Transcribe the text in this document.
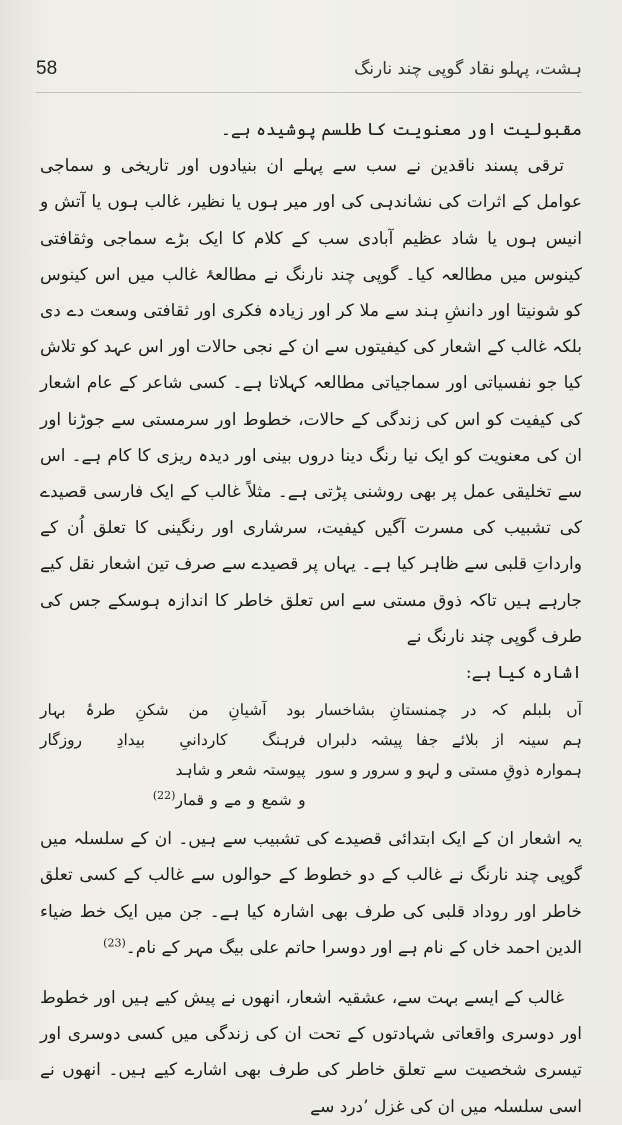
58	ہشت، پہلو نقاد گوپی چند نارنگ

مقبولیت اور معنویت کا طلسم پوشیدہ ہے۔

ترقی پسند ناقدین نے سب سے پہلے ان بنیادوں اور تاریخی و سماجی عوامل کے اثرات کی نشاندہی کی اور میر ہوں یا نظیر، غالب ہوں یا آتش و انیس ہوں یا شاد عظیم آبادی سب کے کلام کا ایک بڑے سماجی وثقافتی کینوس میں مطالعہ کیا۔ گوپی چند نارنگ نے مطالعۂ غالب میں اس کینوس کو شونیتا اور دانشِ ہند سے ملا کر اور زیادہ فکری اور ثقافتی وسعت دے دی بلکہ غالب کے اشعار کی کیفیتوں سے ان کے نجی حالات اور اس عہد کو تلاش کیا جو نفسیاتی اور سماجیاتی مطالعہ کہلاتا ہے۔ کسی شاعر کے عام اشعار کی کیفیت کو اس کی زندگی کے حالات، خطوط اور سرمستی سے جوڑنا اور ان کی معنویت کو ایک نیا رنگ دینا دروں بینی اور دیدہ ریزی کا کام ہے۔ اس سے تخلیقی عمل پر بھی روشنی پڑتی ہے۔ مثلاً غالب کے ایک فارسی قصیدے کی تشبیب کی مسرت آگیں کیفیت، سرشاری اور رنگینی کا تعلق اُن کے وارداتِ قلبی سے ظاہر کیا ہے۔ یہاں پر قصیدے سے صرف تین اشعار نقل کیے جارہے ہیں تاکہ ذوق مستی سے اس تعلق خاطر کا اندازہ ہوسکے جس کی طرف گوپی چند نارنگ نے

اشارہ کیا ہے:

آں بلبلم کہ در چمنستانِ بشاخسار
بود آشیانِ من شکنِ طرۂ بہار
ہم سینہ از بلائے جفا پیشہ دلبراں
فرہنگ کاردانیِ بیدادِ روزگار
ہموارہ ذوقِ مستی و لہو و سرور و سور
پیوستہ شعر و شاہد و شمع و مے و قمار(22)

یہ اشعار ان کے ایک ابتدائی قصیدے کی تشبیب سے ہیں۔ ان کے سلسلہ میں گوپی چند نارنگ نے غالب کے دو خطوط کے حوالوں سے غالب کے کسی تعلق خاطر اور روداد قلبی کی طرف بھی اشارہ کیا ہے۔ جن میں ایک خط ضیاء الدین احمد خاں کے نام ہے اور دوسرا حاتم علی بیگ مہر کے نام۔$^{(23)}$

غالب کے ایسے بہت سے، عشقیہ اشعار، انھوں نے پیش کیے ہیں اور خطوط اور دوسری واقعاتی شہادتوں کے تحت ان کی زندگی میں کسی دوسری اور تیسری شخصیت سے تعلق خاطر کی طرف بھی اشارے کیے ہیں۔ انھوں نے اسی سلسلہ میں ان کی غزل ’درد سے
